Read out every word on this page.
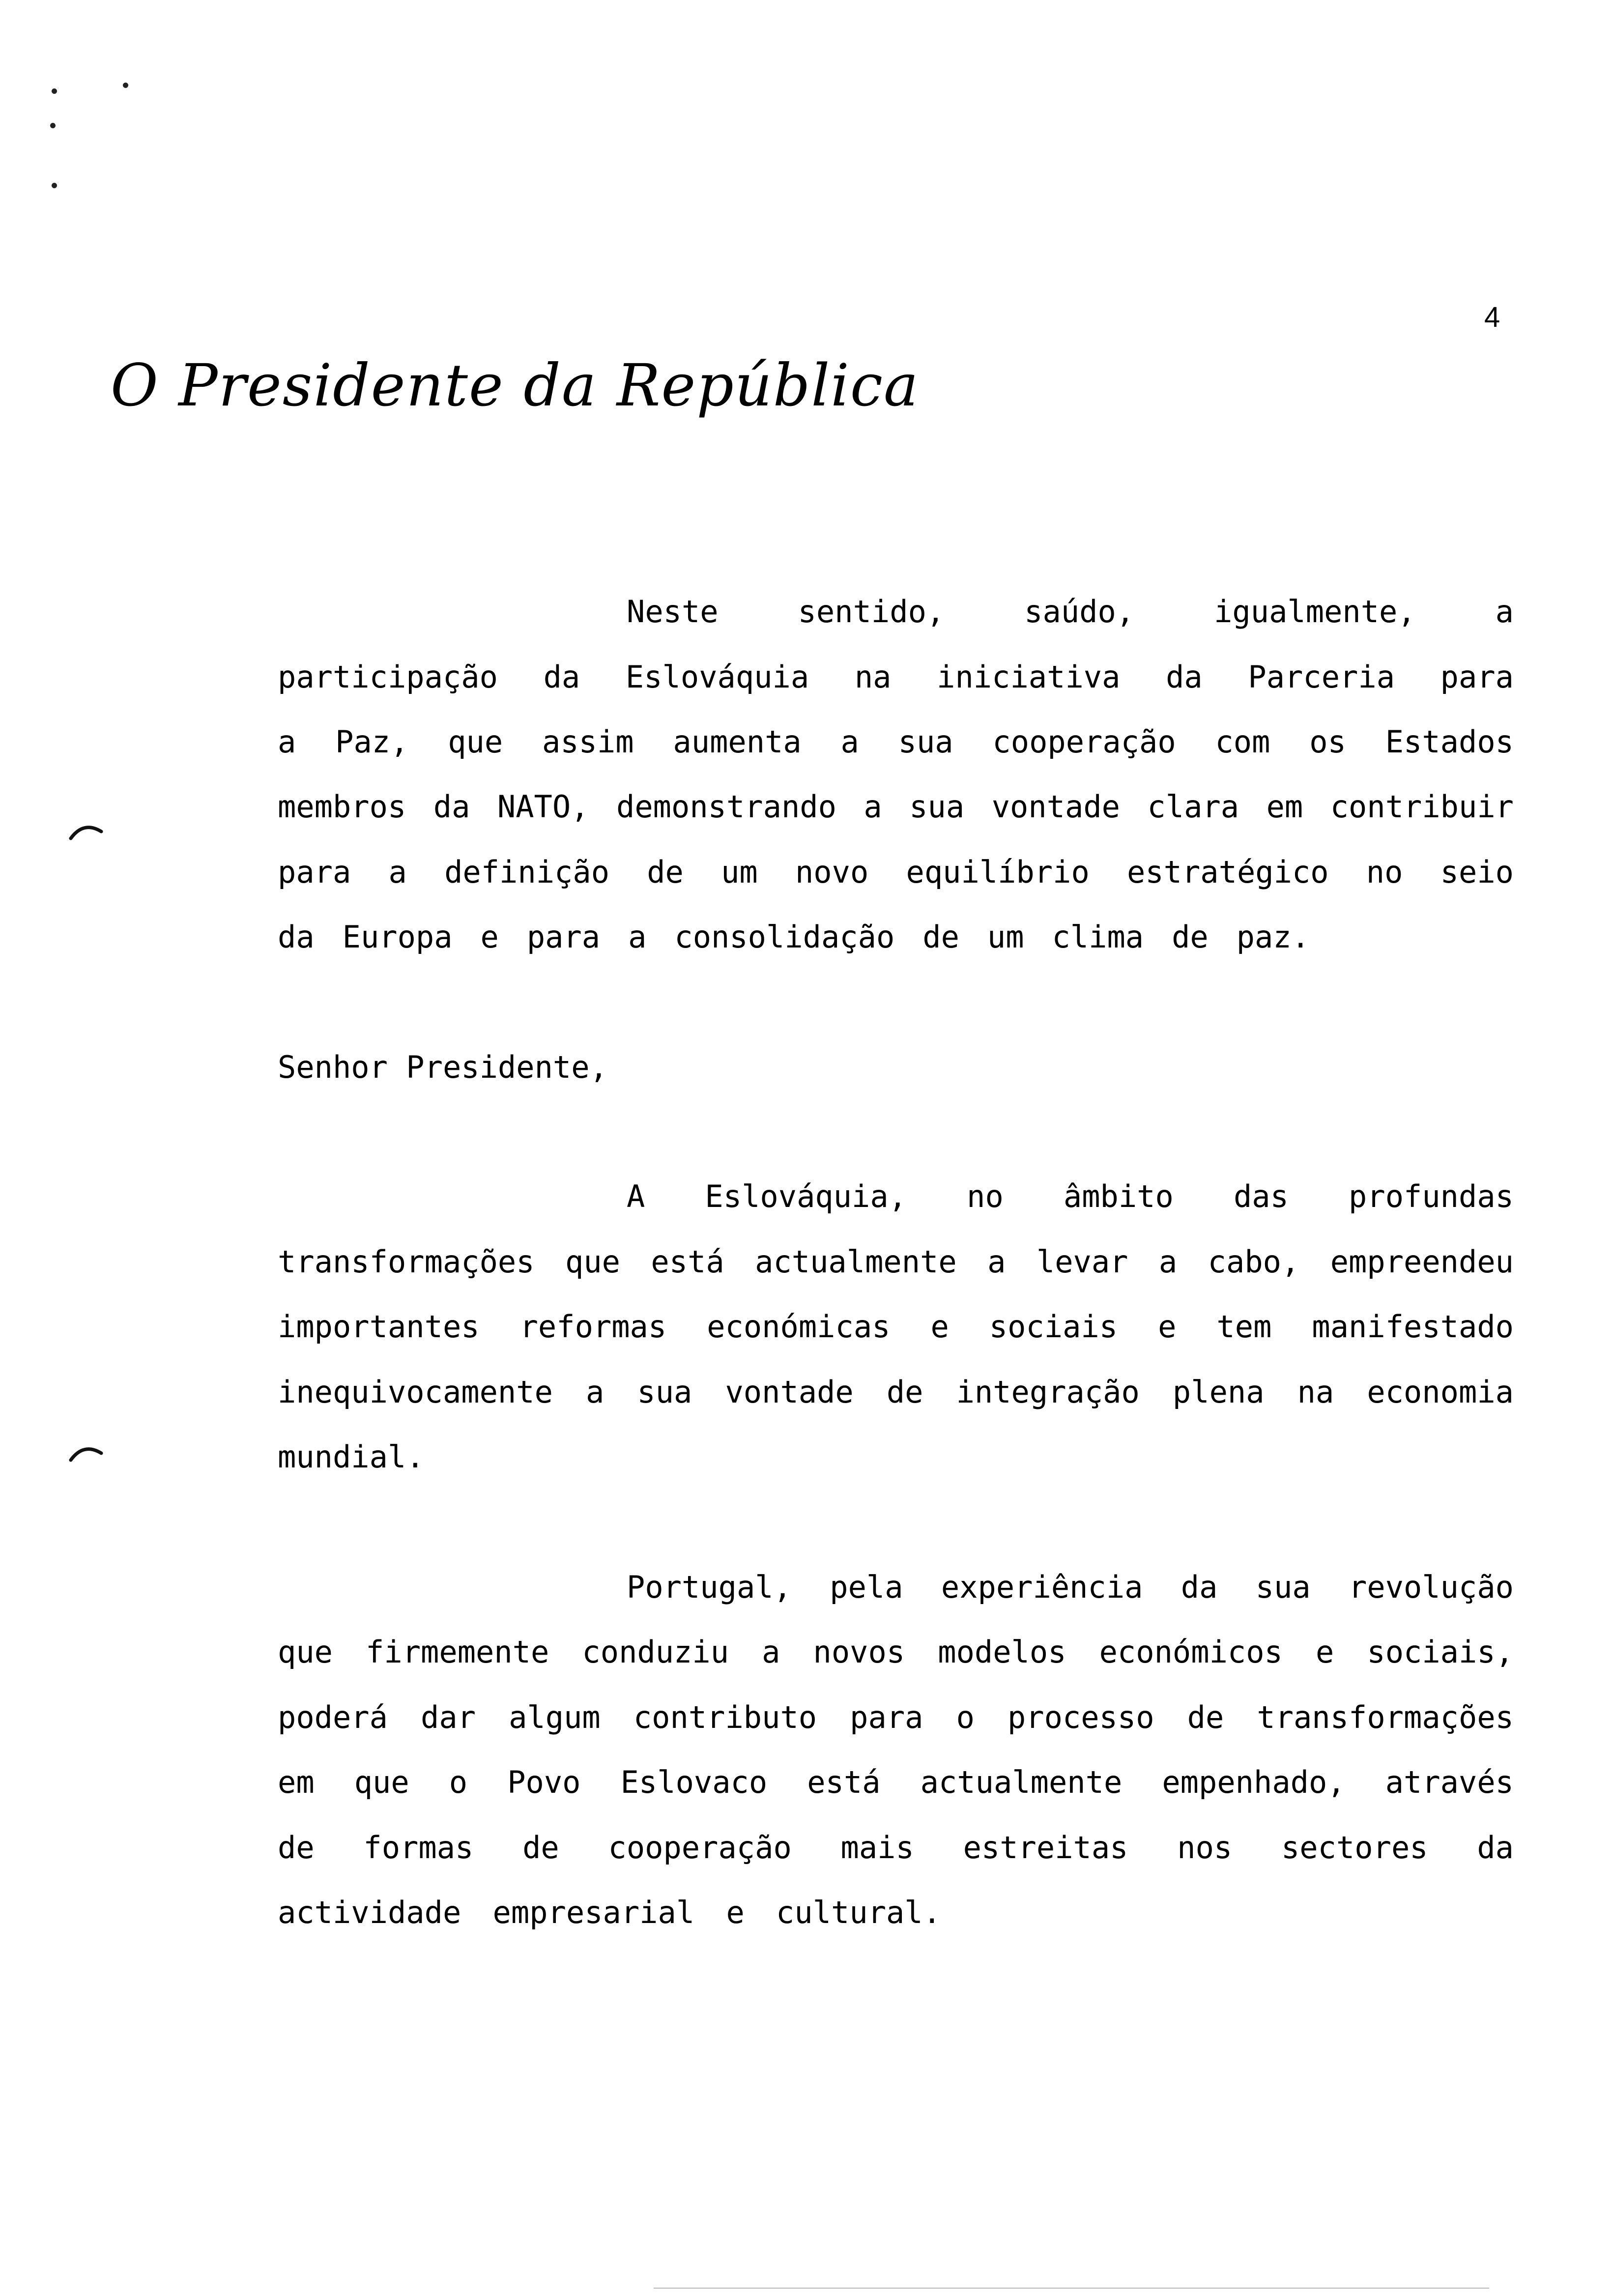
4
O Presidente da República
Neste sentido, saúdo, igualmente, a
participação da Eslováquia na iniciativa da Parceria para
a Paz, que assim aumenta a sua cooperação com os Estados
membros da NATO, demonstrando a sua vontade clara em contribuir
para a definição de um novo equilíbrio estratégico no seio
da Europa e para a consolidação de um clima de paz.
Senhor Presidente,
A Eslováquia, no âmbito das profundas
transformações que está actualmente a levar a cabo, empreendeu
importantes reformas económicas e sociais e tem manifestado
inequivocamente a sua vontade de integração plena na economia
mundial.
Portugal, pela experiência da sua revolução
que firmemente conduziu a novos modelos económicos e sociais,
poderá dar algum contributo para o processo de transformações
em que o Povo Eslovaco está actualmente empenhado, através
de formas de cooperação mais estreitas nos sectores da
actividade empresarial e cultural.
